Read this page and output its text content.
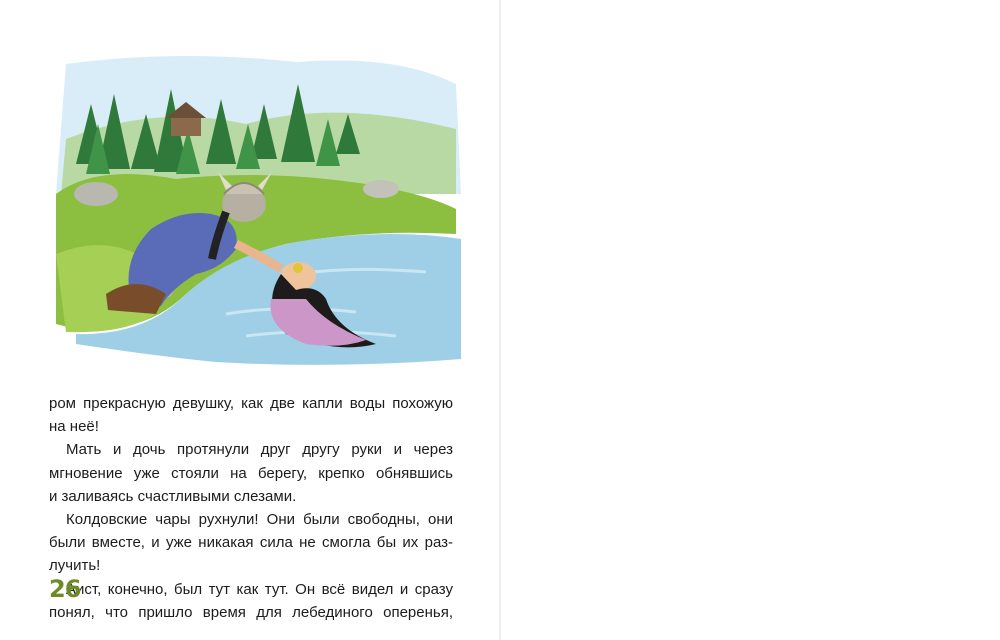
ром прекрасную девушку, как две капли воды похожую

на неё!

Мать и дочь протянули друг другу руки и через

мгновение уже стояли на берегу, крепко обнявшись

и заливаясь счастливыми слезами.

Колдовские чары рухнули! Они были свободны, они

были вместе, и уже никакая сила не смогла бы их раз-

лучить!

Аист, конечно, был тут как тут. Он всё видел и сразу

понял, что пришло время для лебединого оперенья,

26
